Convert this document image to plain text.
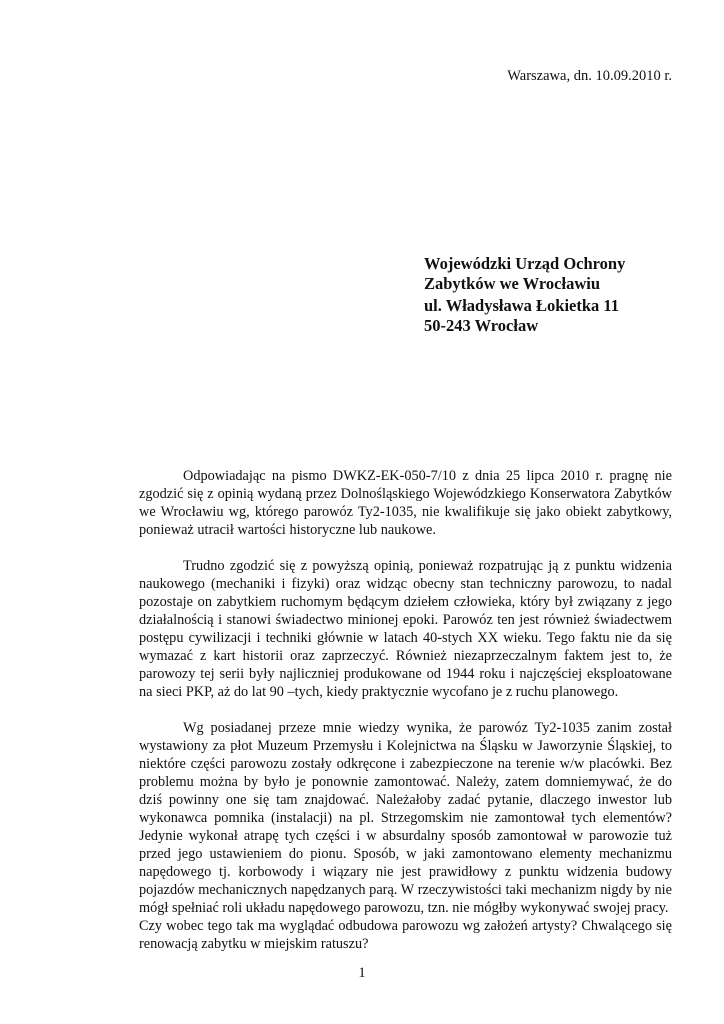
Warszawa, dn. 10.09.2010 r.
Wojewódzki Urząd Ochrony
Zabytków we Wrocławiu
ul. Władysława Łokietka 11
50-243 Wrocław

Odpowiadając na pismo DWKZ-EK-050-7/10 z dnia 25 lipca 2010 r. pragnę nie zgodzić się z opinią wydaną przez Dolnośląskiego Wojewódzkiego Konserwatora Zabytków we Wrocławiu wg, którego parowóz Ty2-1035, nie kwalifikuje się jako obiekt zabytkowy, ponieważ utracił wartości historyczne lub naukowe.

Trudno zgodzić się z powyższą opinią, ponieważ rozpatrując ją z punktu widzenia naukowego (mechaniki i fizyki) oraz widząc obecny stan techniczny parowozu, to nadal pozostaje on zabytkiem ruchomym będącym dziełem człowieka, który był związany z jego działalnością i stanowi świadectwo minionej epoki. Parowóz ten jest również świadectwem postępu cywilizacji i techniki głównie w latach 40-stych XX wieku. Tego faktu nie da się wymazać z kart historii oraz zaprzeczyć. Również niezaprzeczalnym faktem jest to, że parowozy tej serii były najliczniej produkowane od 1944 roku i najczęściej eksploatowane na sieci PKP, aż do lat 90 –tych, kiedy praktycznie wycofano je z ruchu planowego.

Wg posiadanej przeze mnie wiedzy wynika, że parowóz Ty2-1035 zanim został wystawiony za płot Muzeum Przemysłu i Kolejnictwa na Śląsku w Jaworzynie Śląskiej, to niektóre części parowozu zostały odkręcone i zabezpieczone na terenie w/w placówki. Bez problemu można by było je ponownie zamontować. Należy, zatem domniemywać, że do dziś powinny one się tam znajdować. Należałoby zadać pytanie, dlaczego inwestor lub wykonawca pomnika (instalacji) na pl. Strzegomskim nie zamontował tych elementów? Jedynie wykonał atrapę tych części i w absurdalny sposób zamontował w parowozie tuż przed jego ustawieniem do pionu. Sposób, w jaki zamontowano elementy mechanizmu napędowego tj. korbowody i wiązary nie jest prawidłowy z punktu widzenia budowy pojazdów mechanicznych napędzanych parą. W rzeczywistości taki mechanizm nigdy by nie mógł spełniać roli układu napędowego parowozu, tzn. nie mógłby wykonywać swojej pracy.

Czy wobec tego tak ma wyglądać odbudowa parowozu wg założeń artysty? Chwalącego się renowacją zabytku w miejskim ratuszu?

1
